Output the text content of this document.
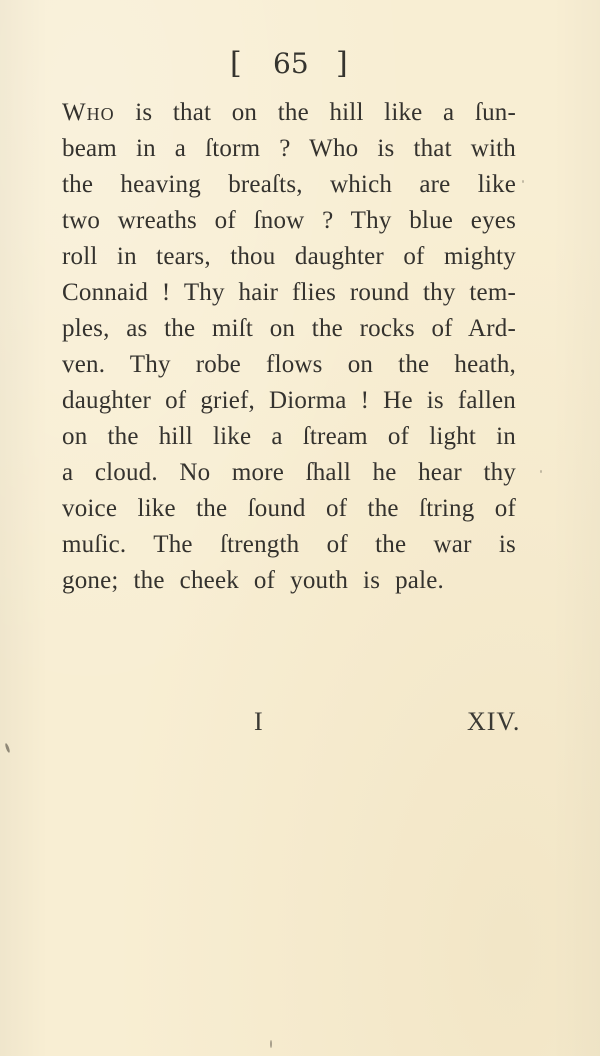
[ 65 ]
Who is that on the hill like a ſun-
beam in a ſtorm ? Who is that with
the heaving breaſts, which are like
two wreaths of ſnow ? Thy blue eyes
roll in tears, thou daughter of mighty
Connaid ! Thy hair flies round thy tem-
ples, as the miſt on the rocks of Ard-
ven. Thy robe flows on the heath,
daughter of grief, Diorma ! He is fallen
on the hill like a ſtream of light in
a cloud. No more ſhall he hear thy
voice like the ſound of the ſtring of
muſic. The ſtrength of the war is
gone; the cheek of youth is pale.
I	XIV.
